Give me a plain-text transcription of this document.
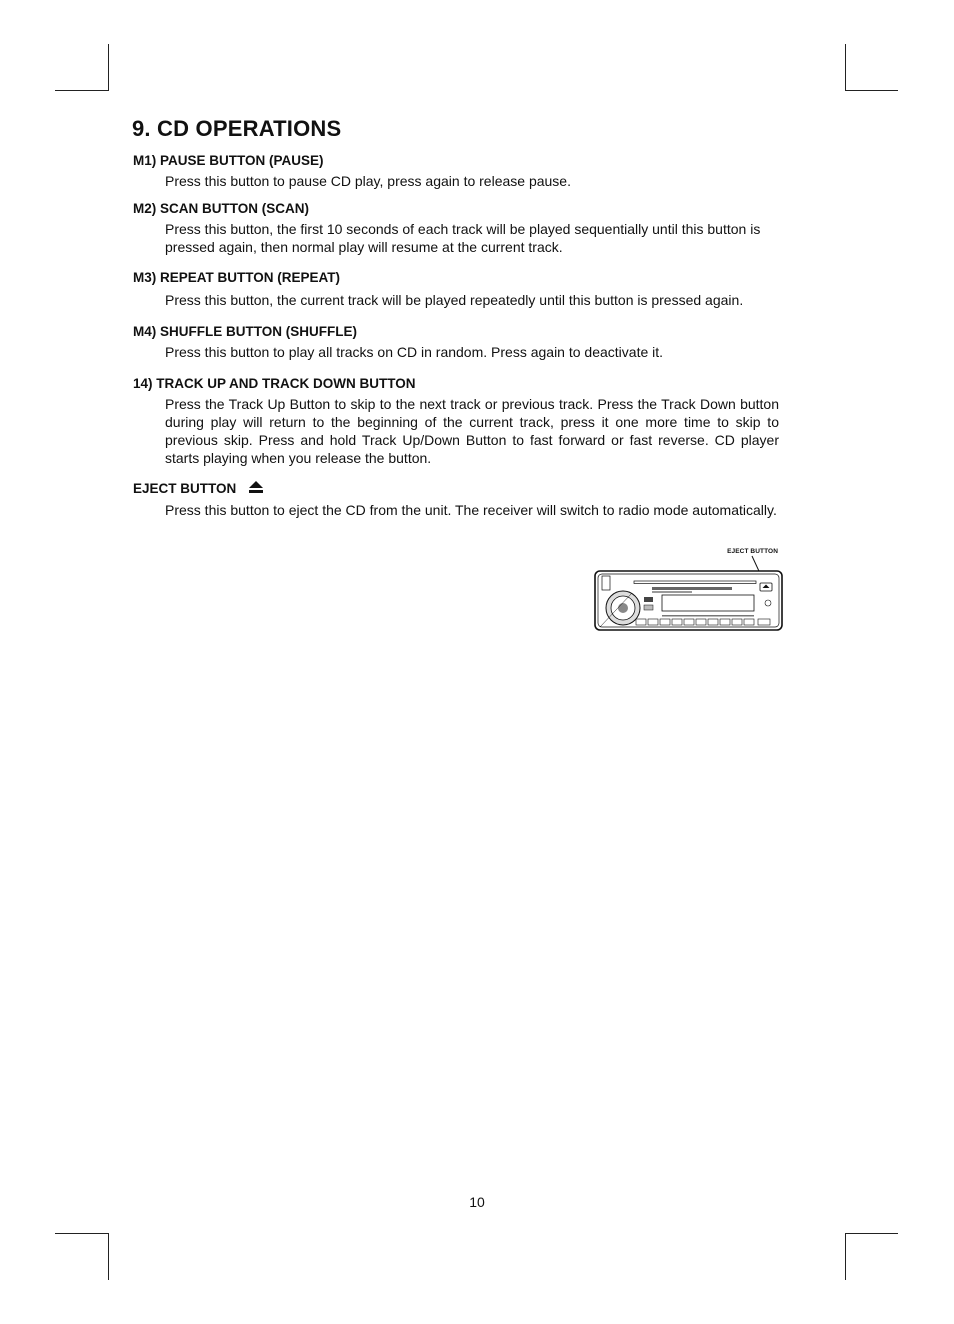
9. CD OPERATIONS

M1) PAUSE BUTTON (PAUSE)

Press this button to pause CD play, press again to release pause.

M2) SCAN BUTTON (SCAN)

Press this button, the first 10 seconds of each track will be played sequentially until this button is pressed again, then normal play will resume at the current track.

M3) REPEAT BUTTON (REPEAT)

Press this button, the current track will be played repeatedly until this button is pressed again.

M4) SHUFFLE BUTTON (SHUFFLE)

Press this button to play all tracks on CD in random. Press again to deactivate it.

14) TRACK UP AND TRACK DOWN BUTTON

Press the Track Up Button to skip to the next track or previous track. Press the Track Down button during play will return to the beginning of the current track, press it one more time to skip to previous skip. Press and hold Track Up/Down Button to fast forward or fast reverse. CD player starts playing when you release the button.

EJECT BUTTON

Press this button to eject the CD from the unit. The receiver will switch to radio mode automatically.

EJECT BUTTON
10
